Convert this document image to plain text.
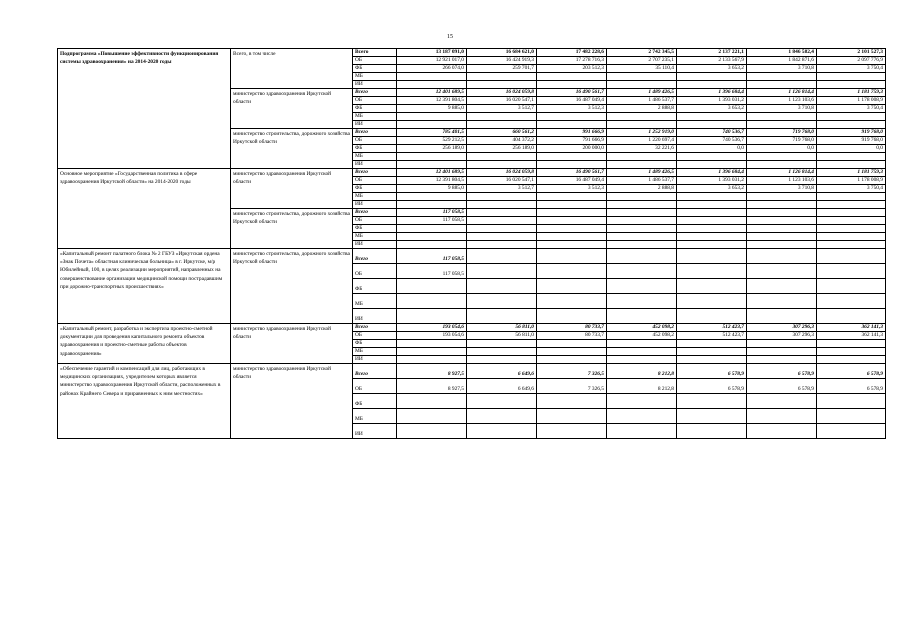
15
Подпрограмма «Повышение эффективности функционирования системы здравоохранения» на 2014-2020 годы	Всего, в том числе	Всего	13 187 091,0	16 684 621,0	17 482 228,6	2 742 345,5	2 137 221,1	1 846 582,4	2 101 527,3
		ОБ	12 921 017,0	16 424 919,3	17 278 716,3	2 707 235,1	2 133 567,9	1 842 871,6	2 097 776,9
		ФБ	266 074,0	259 701,7	203 512,3	35 110,4	3 653,2	3 710,8	3 750,4
		МБ							
		ИИ							
	министерство здравоохранения Иркутской области	Всего	12 401 689,5	16 024 059,8	16 490 561,7	1 489 426,5	1 396 684,4	1 126 814,4	1 181 759,3
		ОБ	12 391 804,5	16 020 547,1	16 487 049,4	1 486 537,7	1 393 031,2	1 123 103,6	1 178 008,9
		ФБ	9 885,0	3 512,7	3 512,3	2 888,8	3 653,2	3 710,8	3 750,4
		МБ							
		ИИ							
	министерство строительства, дорожного хозяйства Иркутской области	Всего	785 401,5	660 561,2	991 666,9	1 252 919,0	740 536,7	719 768,0	919 768,0
		ОБ	529 212,5	404 372,2	791 666,9	1 220 697,4	740 536,7	719 768,0	919 768,0
		ФБ	256 189,0	256 189,0	200 000,0	32 221,6	0,0	0,0	0,0
		МБ							
		ИИ							
Основное мероприятие «Государственная политика в сфере здравоохранения Иркутской области» на 2014-2020 годы	министерство здравоохранения Иркутской области	Всего	12 401 689,5	16 024 059,8	16 490 561,7	1 489 426,5	1 396 684,4	1 126 814,4	1 181 759,3
		ОБ	12 391 804,5	16 020 547,1	16 487 049,4	1 486 537,7	1 393 031,2	1 123 103,6	1 178 008,9
		ФБ	9 885,0	3 512,7	3 512,3	2 888,8	3 653,2	3 710,8	3 750,4
		МБ							
		ИИ							
	министерство строительства, дорожного хозяйства Иркутской области	Всего	117 058,5						
		ОБ	117 058,5						
		ФБ							
		МБ							
		ИИ							
«Капитальный ремонт палатного блока № 2 ГБУЗ «Иркутская ордена «Знак Почета» областная клиническая больница» в г. Иркутске, м/р Юбилейный, 100, в целях реализации мероприятий, направленных на совершенствование организации медицинской помощи пострадавшим при дорожно-транспортных происшествиях»	министерство строительства, дорожного хозяйства Иркутской области	Всего	117 058,5						
		ОБ	117 058,5						
		ФБ							
		МБ							
		ИИ							
«Капитальный ремонт, разработка и экспертиза проектно-сметной документации для проведения капитального ремонта объектов здравоохранения и проектно-сметные работы объектов здравоохранения»	министерство здравоохранения Иркутской области	Всего	193 054,6	56 811,0	80 733,7	452 098,2	512 423,7	307 296,3	362 141,3
		ОБ	193 054,6	56 811,0	80 733,7	452 098,2	512 423,7	307 296,3	362 141,3
		ФБ							
		МБ							
		ИИ							
«Обеспечение гарантий и компенсаций для лиц, работающих в медицинских организациях, учредителем которых является министерство здравоохранения Иркутской области, расположенных в районах Крайнего Севера и приравненных к ним местностях»	министерство здравоохранения Иркутской области	Всего	8 927,5	6 649,6	7 326,5	8 212,8	6 578,9	6 578,9	6 578,9
		ОБ	8 927,5	6 649,6	7 326,5	8 212,8	6 578,9	6 578,9	6 578,9
		ФБ							
		МБ							
		ИИ							
